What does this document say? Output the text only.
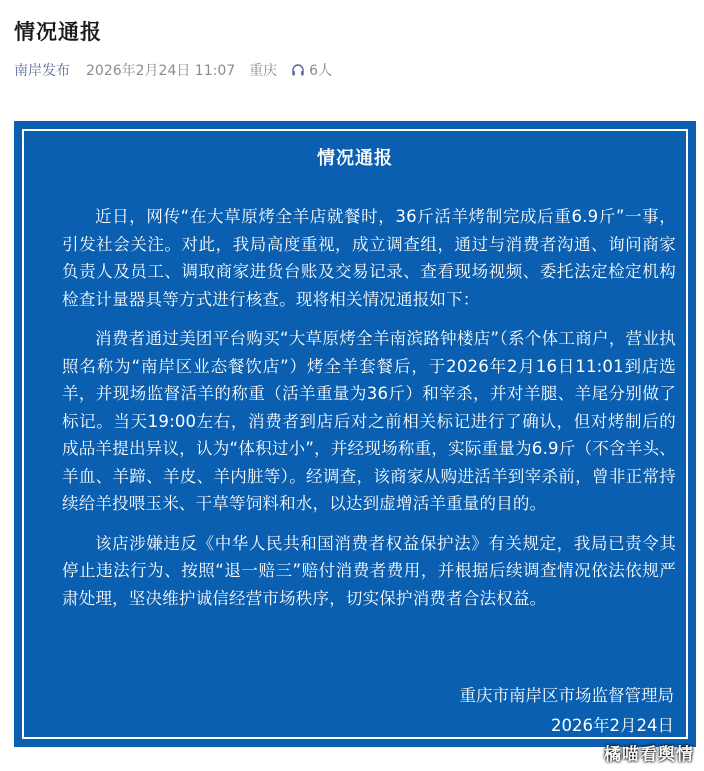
情况通报
南岸发布 2026年2月24日 11:07 重庆 6人
情况通报

近日，网传“在大草原烤全羊店就餐时，36斤活羊烤制完成后重6.9斤”一事，引发社会关注。对此，我局高度重视，成立调查组，通过与消费者沟通、询问商家负责人及员工、调取商家进货台账及交易记录、查看现场视频、委托法定检定机构检查计量器具等方式进行核查。现将相关情况通报如下：

消费者通过美团平台购买“大草原烤全羊南滨路钟楼店”（系个体工商户，营业执照名称为“南岸区业态餐饮店”）烤全羊套餐后，于2026年2月16日11:01到店选羊，并现场监督活羊的称重（活羊重量为36斤）和宰杀，并对羊腿、羊尾分别做了标记。当天19:00左右，消费者到店后对之前相关标记进行了确认，但对烤制后的成品羊提出异议，认为“体积过小”，并经现场称重，实际重量为6.9斤（不含羊头、羊血、羊蹄、羊皮、羊内脏等）。经调查，该商家从购进活羊到宰杀前，曾非正常持续给羊投喂玉米、干草等饲料和水，以达到虚增活羊重量的目的。

该店涉嫌违反《中华人民共和国消费者权益保护法》有关规定，我局已责令其停止违法行为、按照“退一赔三”赔付消费者费用，并根据后续调查情况依法依规严肃处理，坚决维护诚信经营市场秩序，切实保护消费者合法权益。

重庆市南岸区市场监督管理局
2026年2月24日
橘喵看舆情
